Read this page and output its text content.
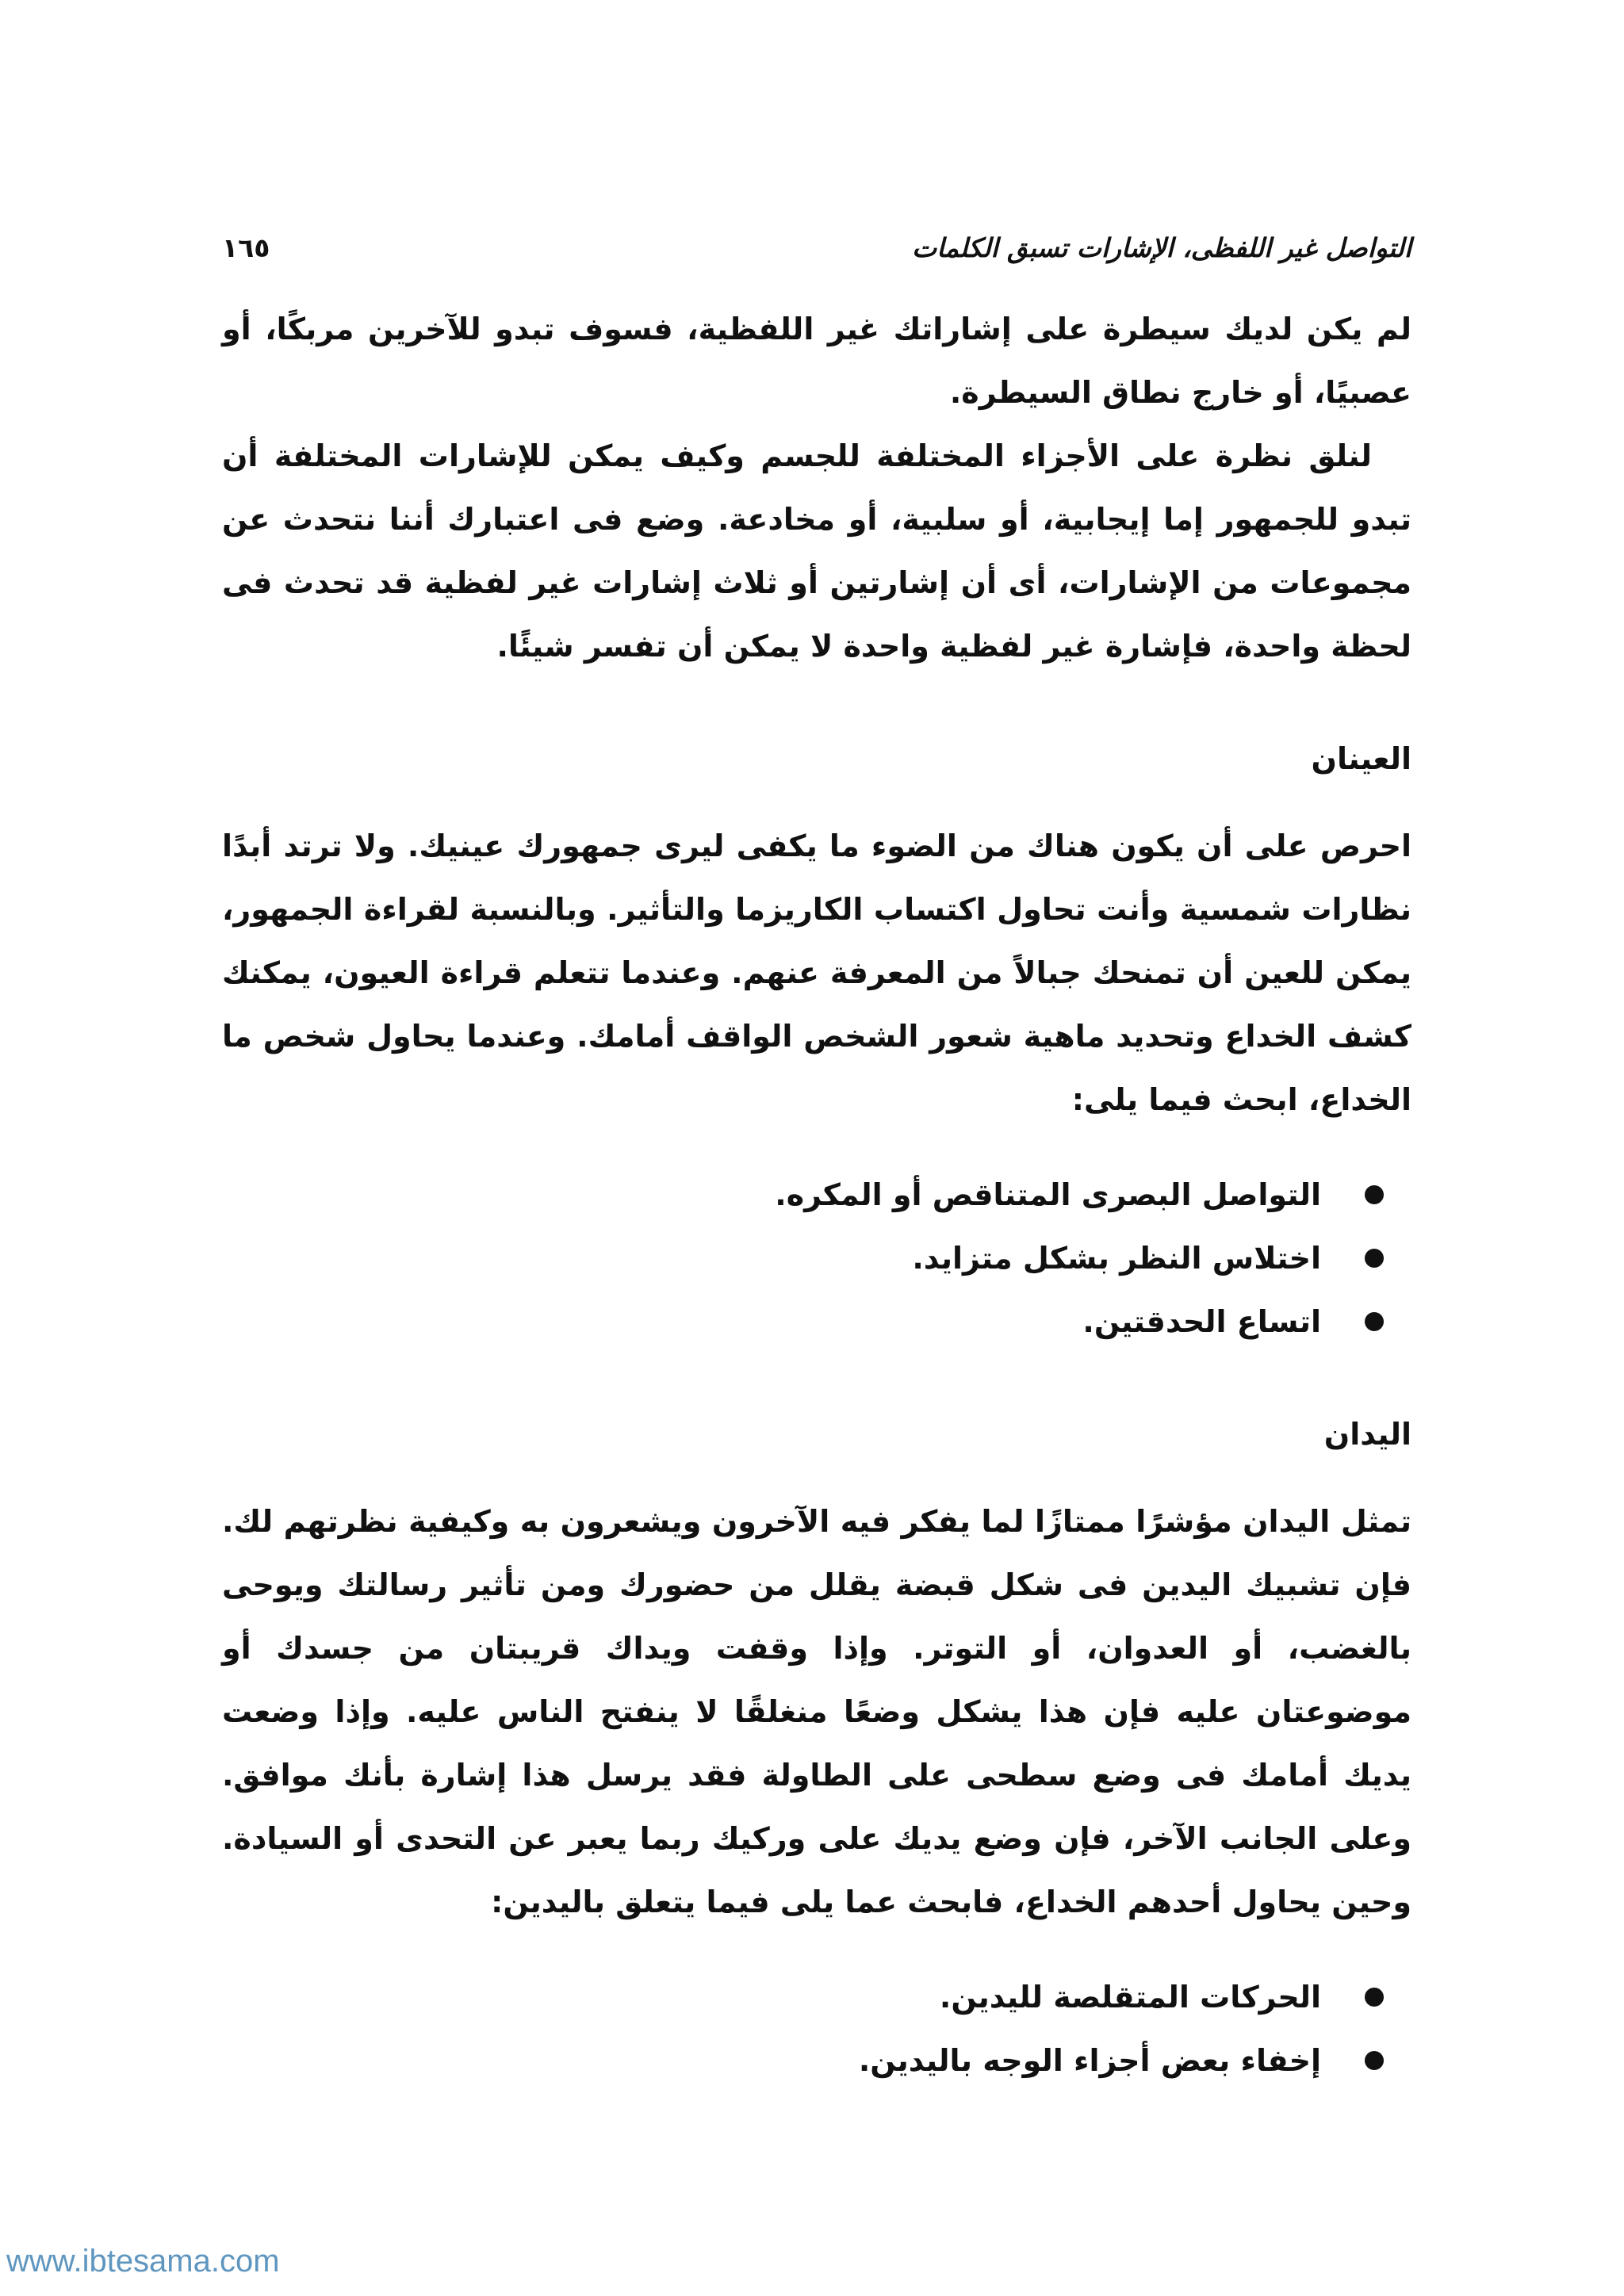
١٦٥	التواصل غير اللفظى، الإشارات تسبق الكلمات

لم يكن لديك سيطرة على إشاراتك غير اللفظية، فسوف تبدو للآخرين مربكًا، أو عصبيًا، أو خارج نطاق السيطرة.

لنلق نظرة على الأجزاء المختلفة للجسم وكيف يمكن للإشارات المختلفة أن تبدو للجمهور إما إيجابية، أو سلبية، أو مخادعة. وضع فى اعتبارك أننا نتحدث عن مجموعات من الإشارات، أى أن إشارتين أو ثلاث إشارات غير لفظية قد تحدث فى لحظة واحدة، فإشارة غير لفظية واحدة لا يمكن أن تفسر شيئًا.

العينان

احرص على أن يكون هناك من الضوء ما يكفى ليرى جمهورك عينيك. ولا ترتد أبدًا نظارات شمسية وأنت تحاول اكتساب الكاريزما والتأثير. وبالنسبة لقراءة الجمهور، يمكن للعين أن تمنحك جبالاً من المعرفة عنهم. وعندما تتعلم قراءة العيون، يمكنك كشف الخداع وتحديد ماهية شعور الشخص الواقف أمامك. وعندما يحاول شخص ما الخداع، ابحث فيما يلى:

التواصل البصرى المتناقص أو المكره.
اختلاس النظر بشكل متزايد.
اتساع الحدقتين.
اليدان

تمثل اليدان مؤشرًا ممتازًا لما يفكر فيه الآخرون ويشعرون به وكيفية نظرتهم لك. فإن تشبيك اليدين فى شكل قبضة يقلل من حضورك ومن تأثير رسالتك ويوحى بالغضب، أو العدوان، أو التوتر. وإذا وقفت ويداك قريبتان من جسدك أو موضوعتان عليه فإن هذا يشكل وضعًا منغلقًا لا ينفتح الناس عليه. وإذا وضعت يديك أمامك فى وضع سطحى على الطاولة فقد يرسل هذا إشارة بأنك موافق. وعلى الجانب الآخر، فإن وضع يديك على وركيك ربما يعبر عن التحدى أو السيادة. وحين يحاول أحدهم الخداع، فابحث عما يلى فيما يتعلق باليدين:

الحركات المتقلصة لليدين.
إخفاء بعض أجزاء الوجه باليدين.
www.ibtesama.com
